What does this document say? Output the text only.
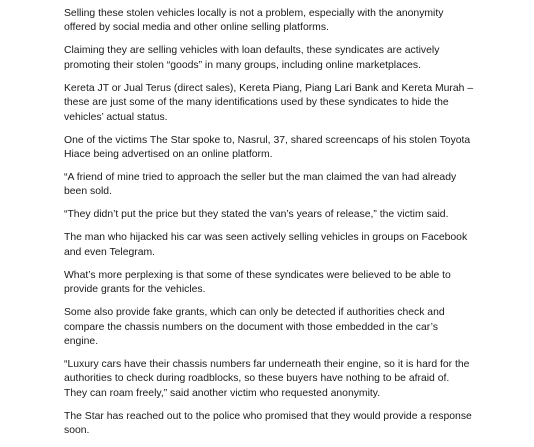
Selling these stolen vehicles locally is not a problem, especially with the anonymity offered by social media and other online selling platforms.

Claiming they are selling vehicles with loan defaults, these syndicates are actively promoting their stolen “goods” in many groups, including online marketplaces.

Kereta JT or Jual Terus (direct sales), Kereta Piang, Piang Lari Bank and Kereta Murah – these are just some of the many identifications used by these syndicates to hide the vehicles’ actual status.

One of the victims The Star spoke to, Nasrul, 37, shared screencaps of his stolen Toyota Hiace being advertised on an online platform.

“A friend of mine tried to approach the seller but the man claimed the van had already been sold.

“They didn’t put the price but they stated the van’s years of release,” the victim said.

The man who hijacked his car was seen actively selling vehicles in groups on Facebook and even Telegram.

What’s more perplexing is that some of these syndicates were believed to be able to provide grants for the vehicles.

Some also provide fake grants, which can only be detected if authorities check and compare the chassis numbers on the document with those embedded in the car’s engine.

“Luxury cars have their chassis numbers far underneath their engine, so it is hard for the authorities to check during roadblocks, so these buyers have nothing to be afraid of. They can roam freely,” said another victim who requested anonymity.

The Star has reached out to the police who promised that they would provide a response soon.
